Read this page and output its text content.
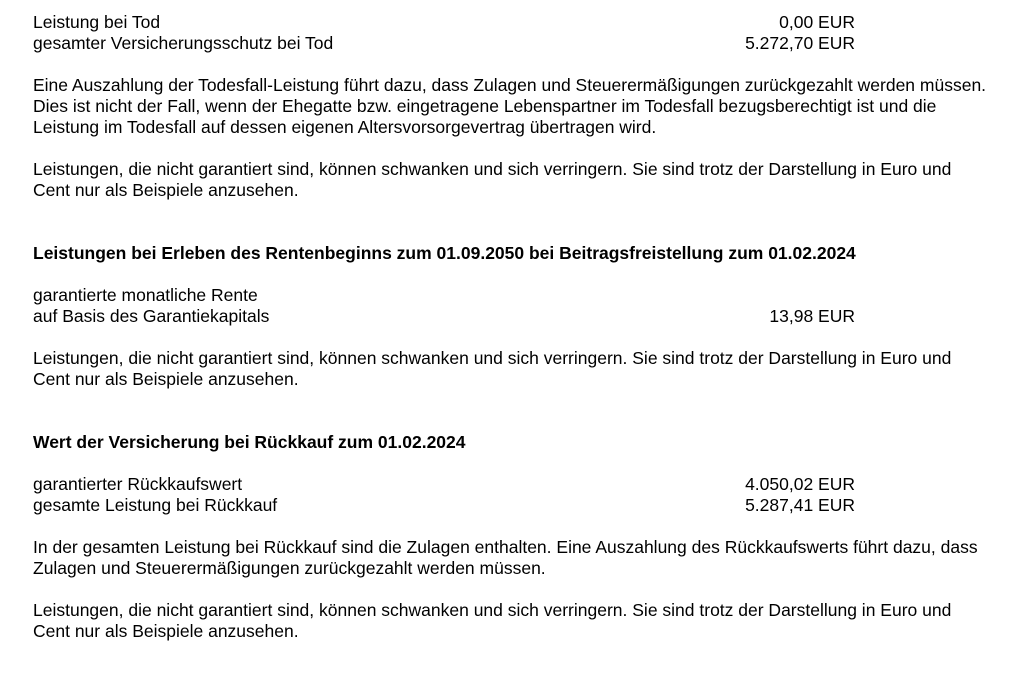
Leistung bei Tod	0,00 EUR
gesamter Versicherungsschutz bei Tod	5.272,70 EUR

Eine Auszahlung der Todesfall-Leistung führt dazu, dass Zulagen und Steuerermäßigungen zurückgezahlt werden müssen. Dies ist nicht der Fall, wenn der Ehegatte bzw. eingetragene Lebenspartner im Todesfall bezugsberechtigt ist und die Leistung im Todesfall auf dessen eigenen Altersvorsorgevertrag übertragen wird.

Leistungen, die nicht garantiert sind, können schwanken und sich verringern. Sie sind trotz der Darstellung in Euro und Cent nur als Beispiele anzusehen.

Leistungen bei Erleben des Rentenbeginns zum 01.09.2050 bei Beitragsfreistellung zum 01.02.2024

garantierte monatliche Rente
auf Basis des Garantiekapitals	13,98 EUR

Leistungen, die nicht garantiert sind, können schwanken und sich verringern. Sie sind trotz der Darstellung in Euro und Cent nur als Beispiele anzusehen.

Wert der Versicherung bei Rückkauf zum 01.02.2024

garantierter Rückkaufswert	4.050,02 EUR
gesamte Leistung bei Rückkauf	5.287,41 EUR

In der gesamten Leistung bei Rückkauf sind die Zulagen enthalten. Eine Auszahlung des Rückkaufswerts führt dazu, dass Zulagen und Steuerermäßigungen zurückgezahlt werden müssen.

Leistungen, die nicht garantiert sind, können schwanken und sich verringern. Sie sind trotz der Darstellung in Euro und Cent nur als Beispiele anzusehen.
